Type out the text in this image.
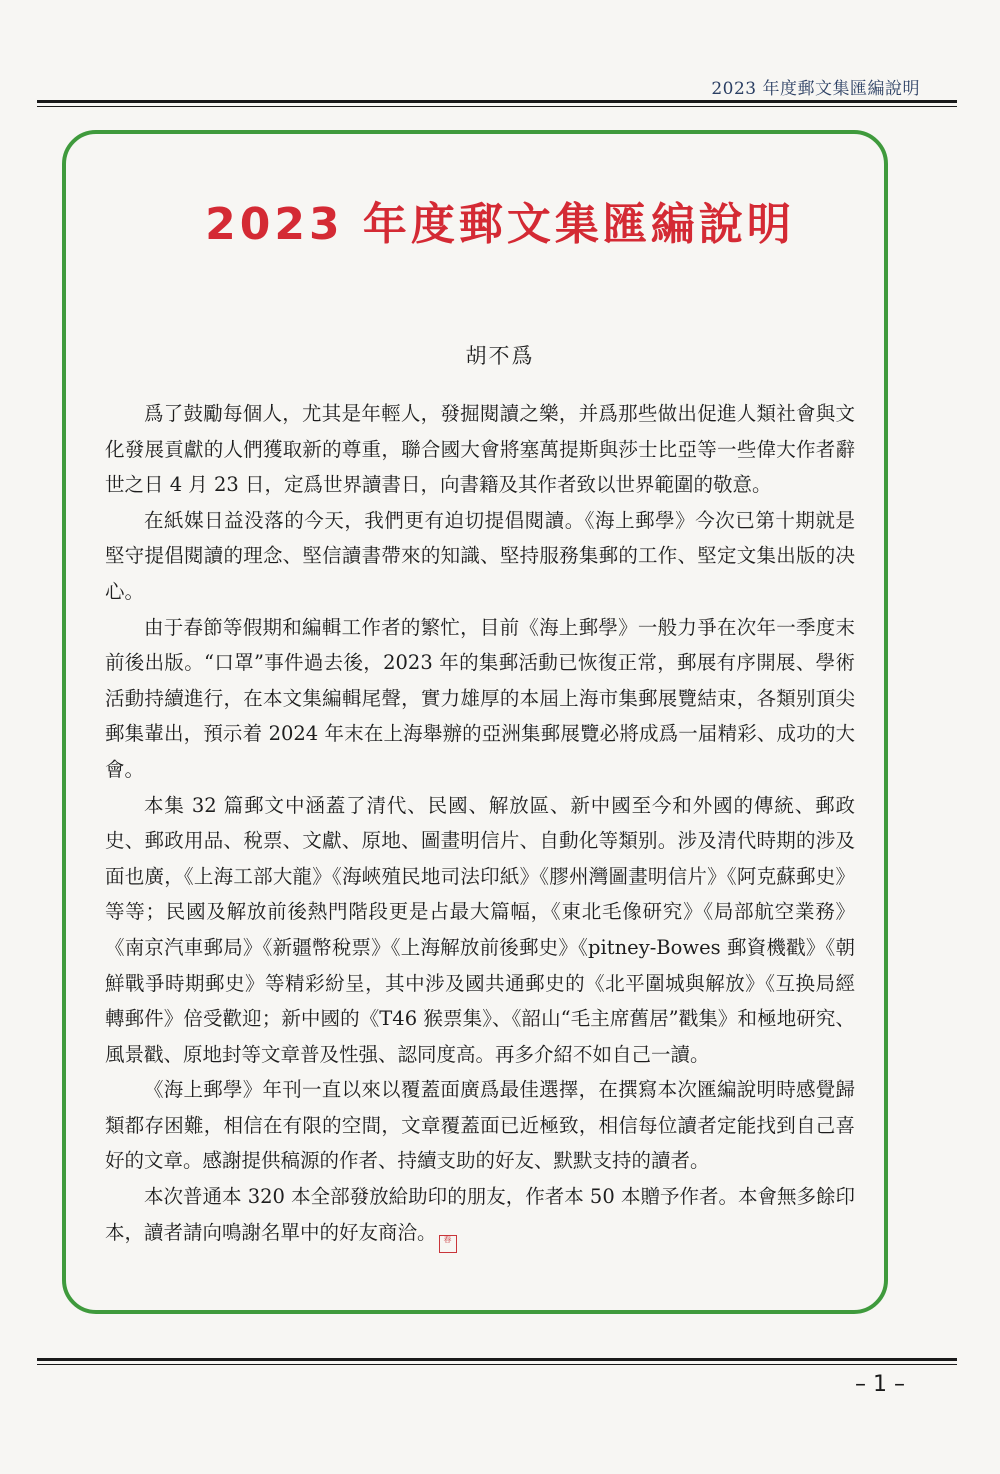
2023 年度郵文集匯編說明
2023 年度郵文集匯編說明
胡不爲

爲了鼓勵每個人，尤其是年輕人，發掘閱讀之樂，并爲那些做出促進人類社會與文化發展貢獻的人們獲取新的尊重，聯合國大會將塞萬提斯與莎士比亞等一些偉大作者辭世之日 4 月 23 日，定爲世界讀書日，向書籍及其作者致以世界範圍的敬意。

在紙媒日益没落的今天，我們更有迫切提倡閱讀。《海上郵學》今次已第十期就是堅守提倡閱讀的理念、堅信讀書帶來的知識、堅持服務集郵的工作、堅定文集出版的决心。

由于春節等假期和編輯工作者的繁忙，目前《海上郵學》一般力爭在次年一季度末前後出版。“口罩”事件過去後，2023 年的集郵活動已恢復正常，郵展有序開展、學術活動持續進行，在本文集編輯尾聲，實力雄厚的本屆上海市集郵展覽結束，各類别頂尖郵集輩出，預示着 2024 年末在上海舉辦的亞洲集郵展覽必將成爲一届精彩、成功的大會。

本集 32 篇郵文中涵蓋了清代、民國、解放區、新中國至今和外國的傳統、郵政史、郵政用品、稅票、文獻、原地、圖畫明信片、自動化等類别。涉及清代時期的涉及面也廣，《上海工部大龍》《海峽殖民地司法印紙》《膠州灣圖畫明信片》《阿克蘇郵史》等等；民國及解放前後熱門階段更是占最大篇幅，《東北毛像研究》《局部航空業務》《南京汽車郵局》《新疆幣稅票》《上海解放前後郵史》《pitney-Bowes 郵資機戳》《朝鮮戰爭時期郵史》等精彩紛呈，其中涉及國共通郵史的《北平圍城與解放》《互换局經轉郵件》倍受歡迎；新中國的《T46 猴票集》、《韶山“毛主席舊居”戳集》和極地研究、風景戳、原地封等文章普及性强、認同度高。再多介紹不如自己一讀。

《海上郵學》年刊一直以來以覆蓋面廣爲最佳選擇，在撰寫本次匯編說明時感覺歸類都存困難，相信在有限的空間，文章覆蓋面已近極致，相信每位讀者定能找到自己喜好的文章。感謝提供稿源的作者、持續支助的好友、默默支持的讀者。

本次普通本 320 本全部發放給助印的朋友，作者本 50 本贈予作者。本會無多餘印本，讀者請向鳴謝名單中的好友商洽。 春

– 1 –
